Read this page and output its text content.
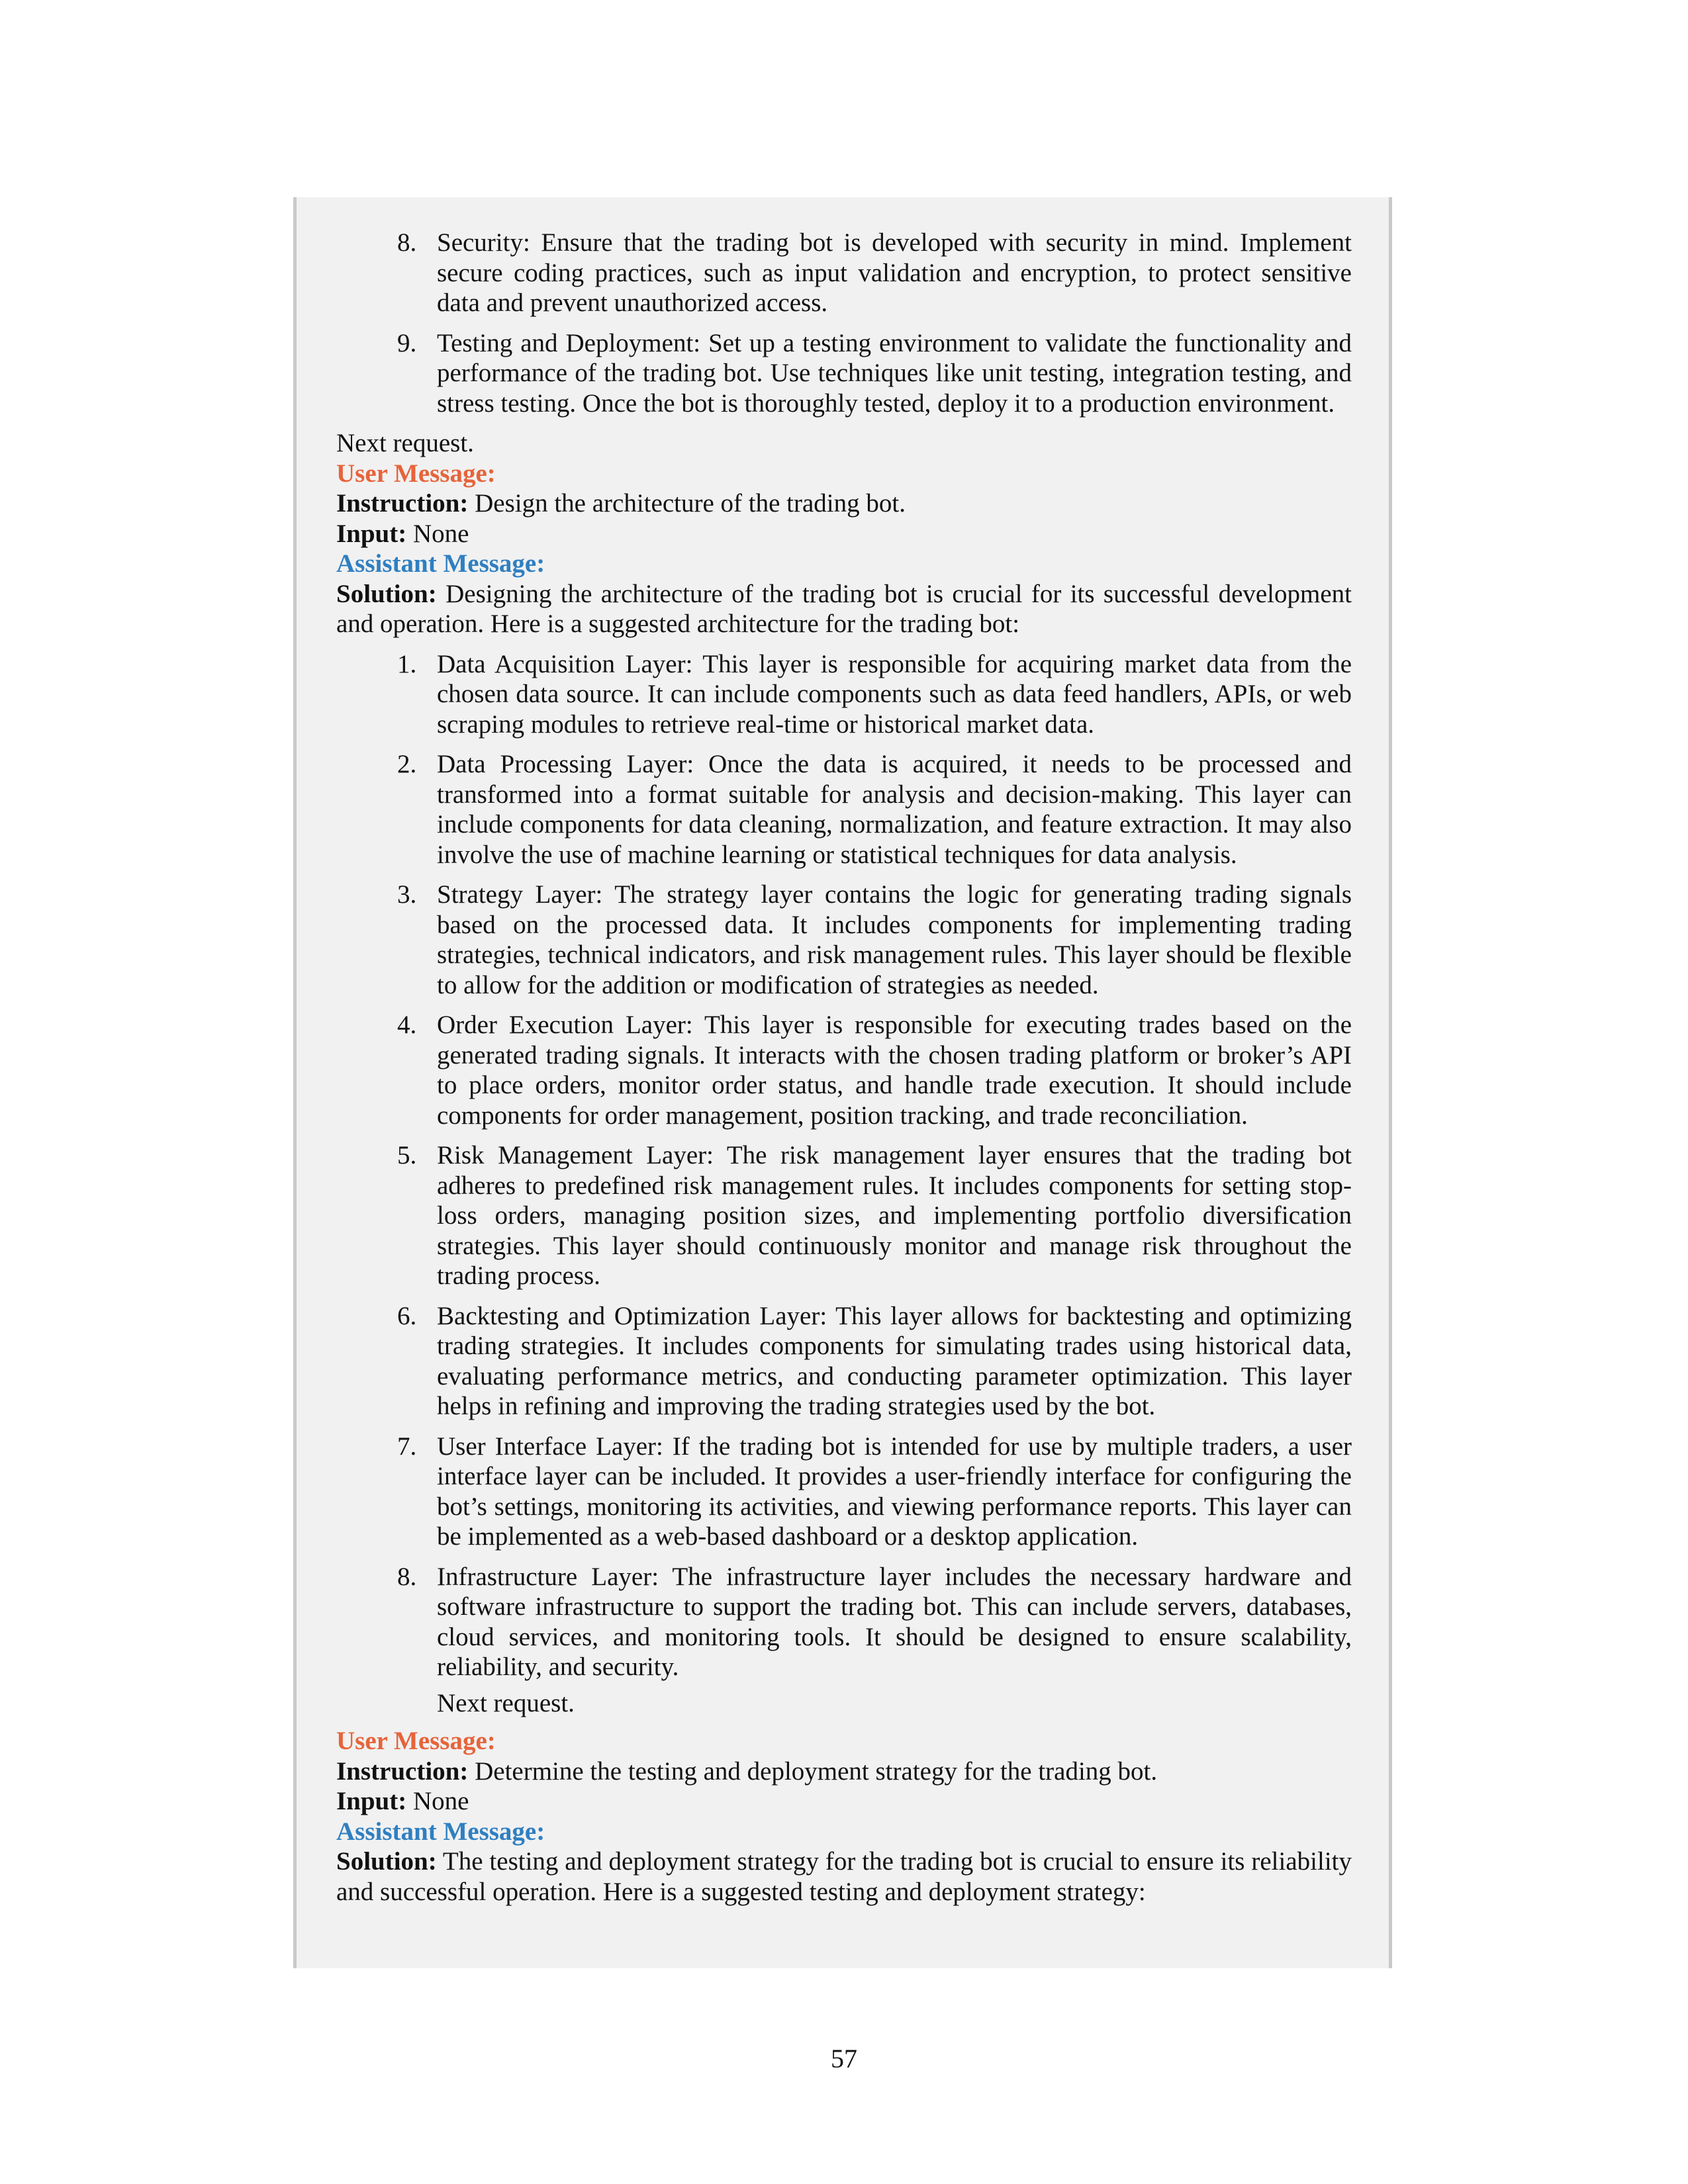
8. Security: Ensure that the trading bot is developed with security in mind. Implement secure coding practices, such as input validation and encryption, to protect sensitive data and prevent unauthorized access.
9. Testing and Deployment: Set up a testing environment to validate the functionality and performance of the trading bot. Use techniques like unit testing, integration testing, and stress testing. Once the bot is thoroughly tested, deploy it to a production environment.
Next request.
User Message:
Instruction: Design the architecture of the trading bot.
Input: None
Assistant Message:
Solution: Designing the architecture of the trading bot is crucial for its successful development and operation. Here is a suggested architecture for the trading bot:
1. Data Acquisition Layer: This layer is responsible for acquiring market data from the chosen data source. It can include components such as data feed handlers, APIs, or web scraping modules to retrieve real-time or historical market data.
2. Data Processing Layer: Once the data is acquired, it needs to be processed and transformed into a format suitable for analysis and decision-making. This layer can include components for data cleaning, normalization, and feature extraction. It may also involve the use of machine learning or statistical techniques for data analysis.
3. Strategy Layer: The strategy layer contains the logic for generating trading signals based on the processed data. It includes components for implementing trading strategies, technical indicators, and risk management rules. This layer should be flexible to allow for the addition or modification of strategies as needed.
4. Order Execution Layer: This layer is responsible for executing trades based on the generated trading signals. It interacts with the chosen trading platform or broker’s API to place orders, monitor order status, and handle trade execution. It should include components for order management, position tracking, and trade reconciliation.
5. Risk Management Layer: The risk management layer ensures that the trading bot adheres to predefined risk management rules. It includes components for setting stop-loss orders, managing position sizes, and implementing portfolio diversification strategies. This layer should continuously monitor and manage risk throughout the trading process.
6. Backtesting and Optimization Layer: This layer allows for backtesting and optimizing trading strategies. It includes components for simulating trades using historical data, evaluating performance metrics, and conducting parameter optimization. This layer helps in refining and improving the trading strategies used by the bot.
7. User Interface Layer: If the trading bot is intended for use by multiple traders, a user interface layer can be included. It provides a user-friendly interface for configuring the bot’s settings, monitoring its activities, and viewing performance reports. This layer can be implemented as a web-based dashboard or a desktop application.
8. Infrastructure Layer: The infrastructure layer includes the necessary hardware and software infrastructure to support the trading bot. This can include servers, databases, cloud services, and monitoring tools. It should be designed to ensure scalability, reliability, and security.
Next request.
User Message:
Instruction: Determine the testing and deployment strategy for the trading bot.
Input: None
Assistant Message:
Solution: The testing and deployment strategy for the trading bot is crucial to ensure its reliability and successful operation. Here is a suggested testing and deployment strategy:
57
